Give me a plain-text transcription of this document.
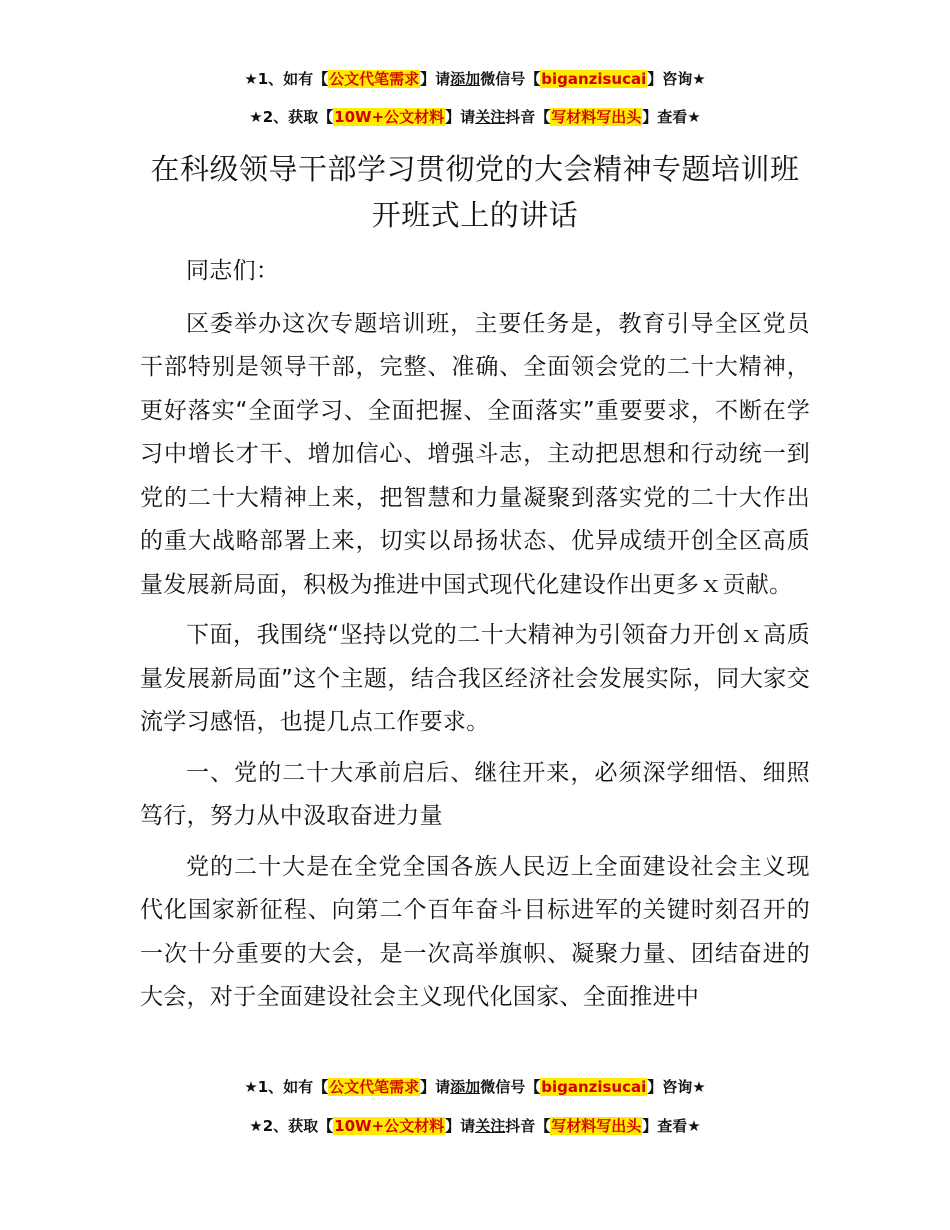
★1、如有【公文代笔需求】请添加微信号【biganzisucai】咨询★
★2、获取【10W+公文材料】请关注抖音【写材料写出头】查看★
在科级领导干部学习贯彻党的大会精神专题培训班开班式上的讲话

同志们：

区委举办这次专题培训班，主要任务是，教育引导全区党员干部特别是领导干部，完整、准确、全面领会党的二十大精神，更好落实“全面学习、全面把握、全面落实”重要要求，不断在学习中增长才干、增加信心、增强斗志，主动把思想和行动统一到党的二十大精神上来，把智慧和力量凝聚到落实党的二十大作出的重大战略部署上来，切实以昂扬状态、优异成绩开创全区高质量发展新局面，积极为推进中国式现代化建设作出更多ｘ贡献。

下面，我围绕“坚持以党的二十大精神为引领奋力开创ｘ高质量发展新局面”这个主题，结合我区经济社会发展实际，同大家交流学习感悟，也提几点工作要求。

一、党的二十大承前启后、继往开来，必须深学细悟、细照笃行，努力从中汲取奋进力量

党的二十大是在全党全国各族人民迈上全面建设社会主义现代化国家新征程、向第二个百年奋斗目标进军的关键时刻召开的一次十分重要的大会，是一次高举旗帜、凝聚力量、团结奋进的大会，对于全面建设社会主义现代化国家、全面推进中

★1、如有【公文代笔需求】请添加微信号【biganzisucai】咨询★
★2、获取【10W+公文材料】请关注抖音【写材料写出头】查看★
